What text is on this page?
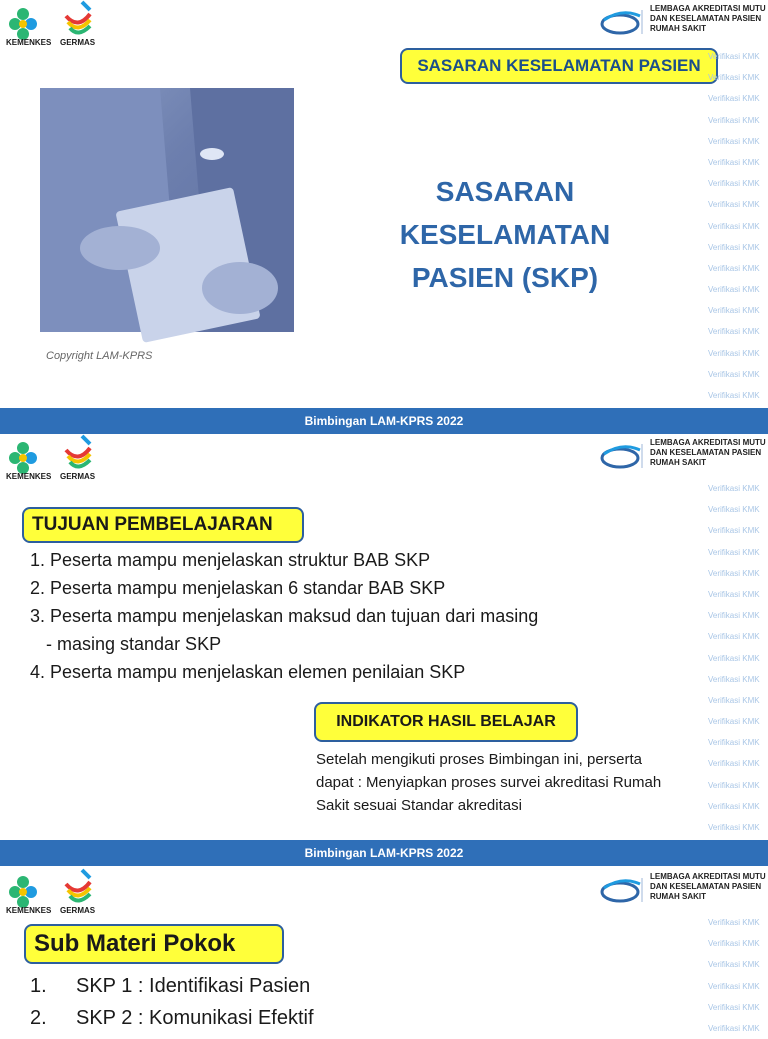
KEMENKES GERMAS
LEMBAGA AKREDITASI MUTU
DAN KESELAMATAN PASIEN
RUMAH SAKIT
SASARAN KESELAMATAN PASIEN
Copyright LAM-KPRS
SASARAN
KESELAMATAN
PASIEN (SKP)
Verifikasi KMK
Verifikasi KMK
Verifikasi KMK
Verifikasi KMK
Verifikasi KMK
Verifikasi KMK
Verifikasi KMK
Verifikasi KMK
Verifikasi KMK
Verifikasi KMK
Verifikasi KMK
Verifikasi KMK
Verifikasi KMK
Verifikasi KMK
Verifikasi KMK
Verifikasi KMK
Verifikasi KMK
Bimbingan LAM-KPRS 2022
KEMENKES GERMAS
LEMBAGA AKREDITASI MUTU
DAN KESELAMATAN PASIEN
RUMAH SAKIT
TUJUAN PEMBELAJARAN
1. Peserta mampu menjelaskan struktur BAB SKP
2. Peserta mampu menjelaskan 6 standar BAB SKP
3. Peserta mampu menjelaskan maksud dan tujuan dari masing
- masing standar SKP
4. Peserta mampu menjelaskan elemen penilaian SKP
INDIKATOR HASIL BELAJAR
Setelah mengikuti proses Bimbingan ini, perserta
dapat : Menyiapkan proses survei akreditasi Rumah
Sakit sesuai Standar akreditasi
Verifikasi KMK
Verifikasi KMK
Verifikasi KMK
Verifikasi KMK
Verifikasi KMK
Verifikasi KMK
Verifikasi KMK
Verifikasi KMK
Verifikasi KMK
Verifikasi KMK
Verifikasi KMK
Verifikasi KMK
Verifikasi KMK
Verifikasi KMK
Verifikasi KMK
Verifikasi KMK
Verifikasi KMK
Bimbingan LAM-KPRS 2022
KEMENKES GERMAS
LEMBAGA AKREDITASI MUTU
DAN KESELAMATAN PASIEN
RUMAH SAKIT
Sub Materi Pokok
1. SKP 1 : Identifikasi Pasien
2. SKP 2 : Komunikasi Efektif
Verifikasi KMK
Verifikasi KMK
Verifikasi KMK
Verifikasi KMK
Verifikasi KMK
Verifikasi KMK
